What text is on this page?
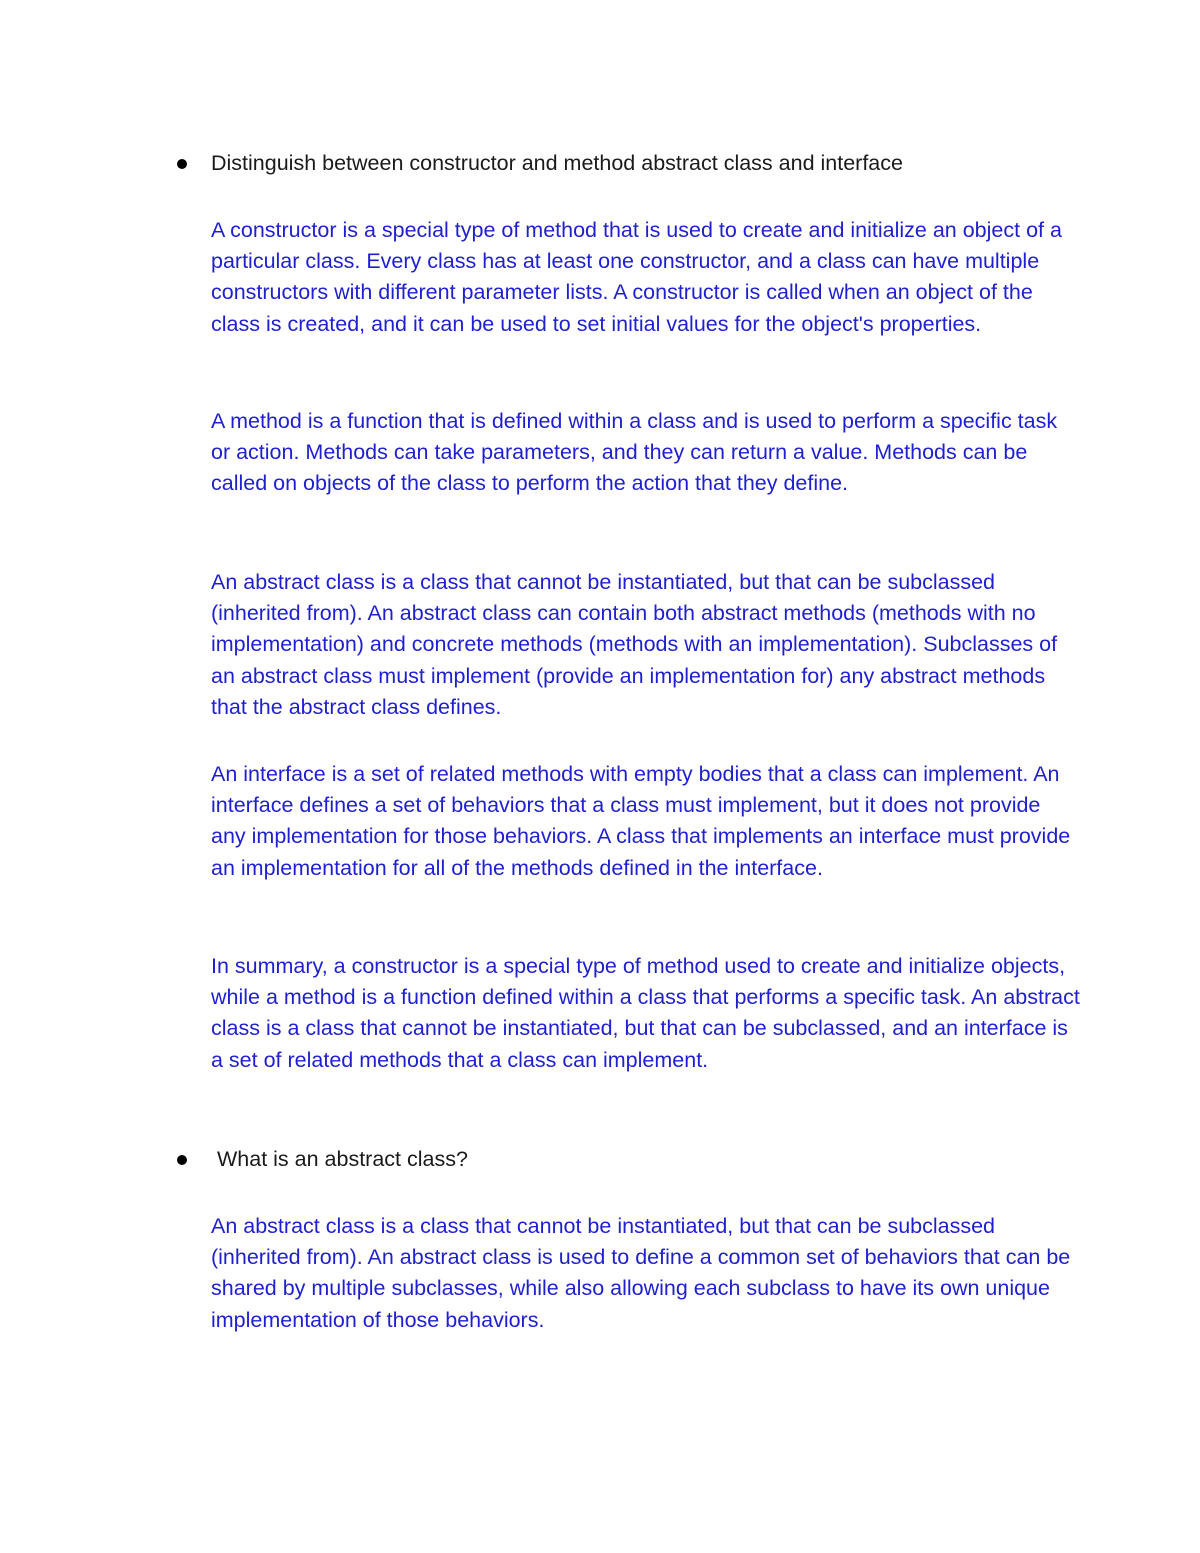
Distinguish between constructor and method abstract class and interface

A constructor is a special type of method that is used to create and initialize an object of a particular class. Every class has at least one constructor, and a class can have multiple constructors with different parameter lists. A constructor is called when an object of the class is created, and it can be used to set initial values for the object's properties.

A method is a function that is defined within a class and is used to perform a specific task or action. Methods can take parameters, and they can return a value. Methods can be called on objects of the class to perform the action that they define.

An abstract class is a class that cannot be instantiated, but that can be subclassed (inherited from). An abstract class can contain both abstract methods (methods with no implementation) and concrete methods (methods with an implementation). Subclasses of an abstract class must implement (provide an implementation for) any abstract methods that the abstract class defines.

An interface is a set of related methods with empty bodies that a class can implement. An interface defines a set of behaviors that a class must implement, but it does not provide any implementation for those behaviors. A class that implements an interface must provide an implementation for all of the methods defined in the interface.

In summary, a constructor is a special type of method used to create and initialize objects, while a method is a function defined within a class that performs a specific task. An abstract class is a class that cannot be instantiated, but that can be subclassed, and an interface is a set of related methods that a class can implement.

What is an abstract class?

An abstract class is a class that cannot be instantiated, but that can be subclassed (inherited from). An abstract class is used to define a common set of behaviors that can be shared by multiple subclasses, while also allowing each subclass to have its own unique implementation of those behaviors.
